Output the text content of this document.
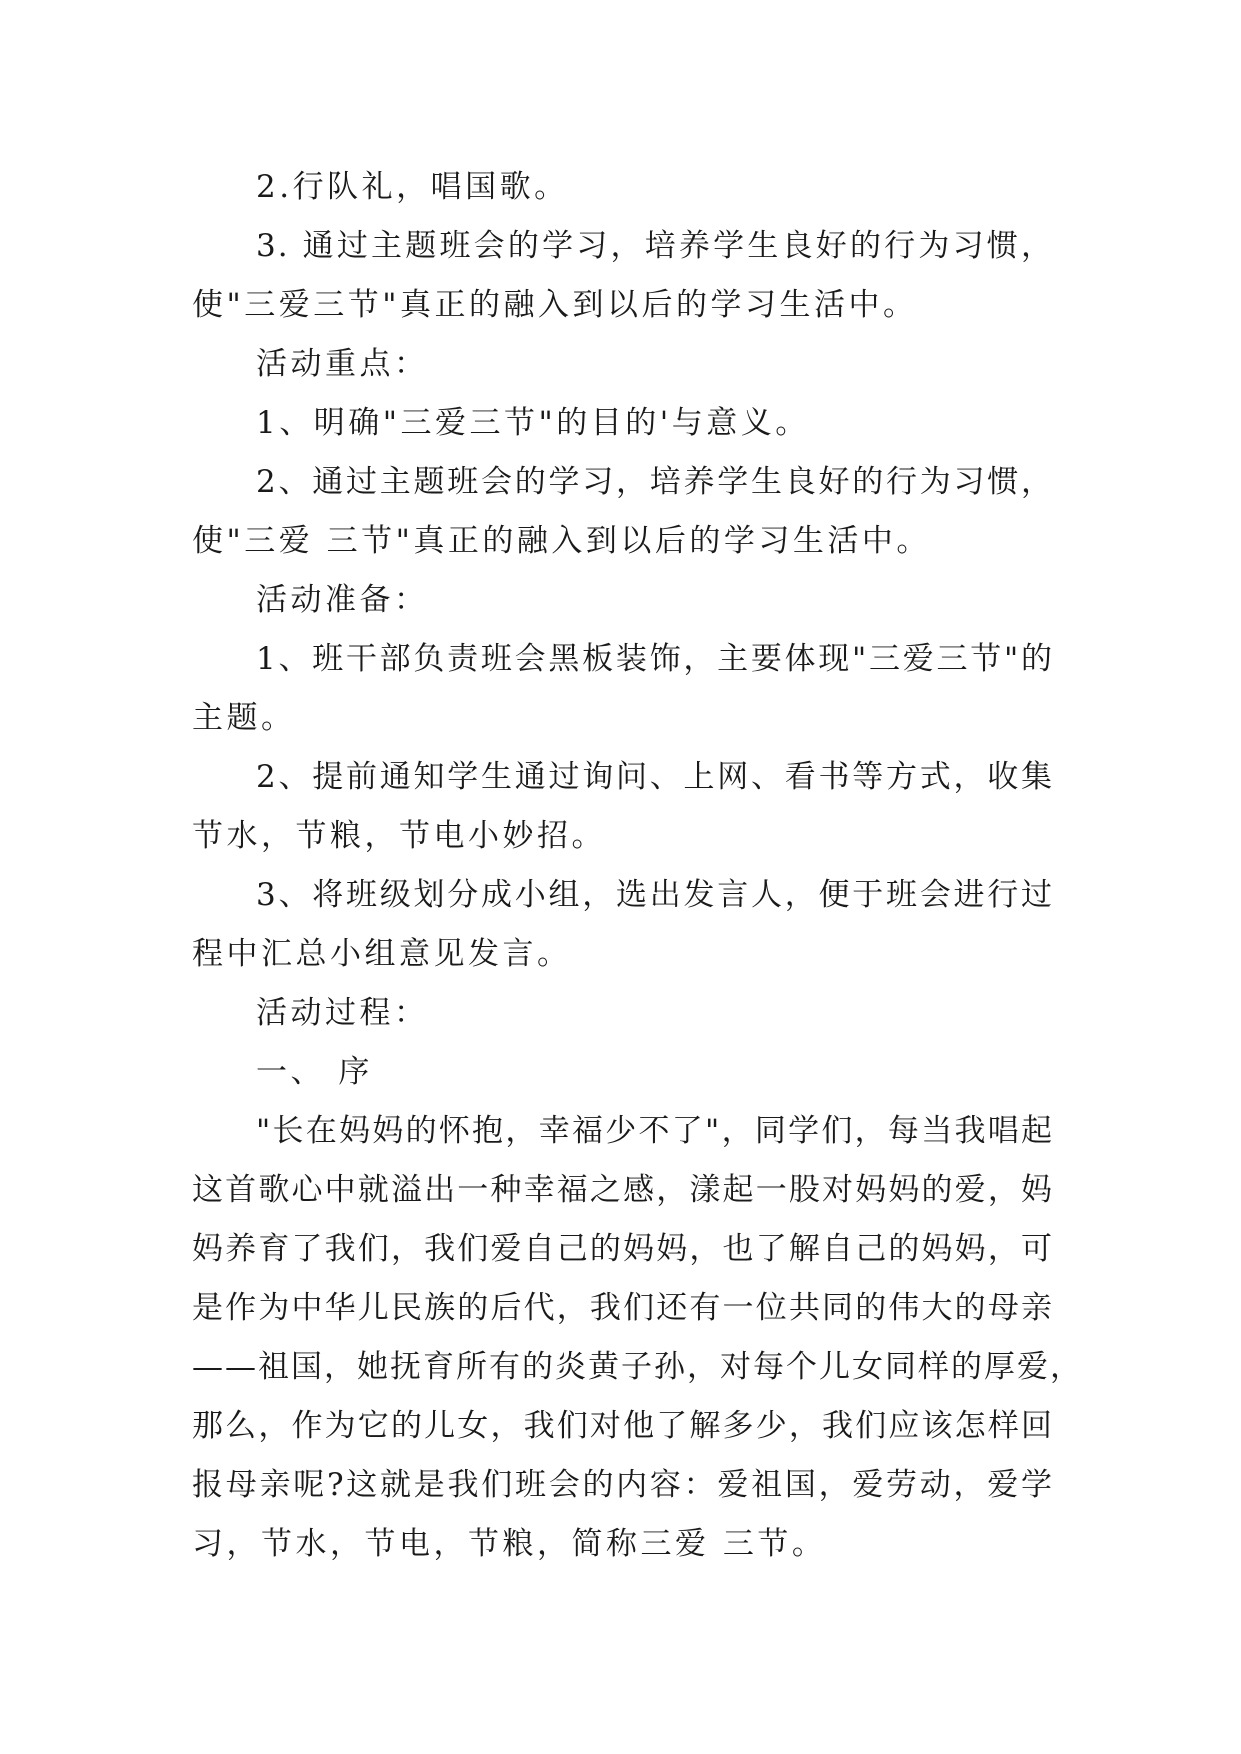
2.行队礼，唱国歌。
3. 通过主题班会的学习，培养学生良好的行为习惯，
使"三爱三节"真正的融入到以后的学习生活中。
活动重点：
1、明确"三爱三节"的目的'与意义。
2、通过主题班会的学习，培养学生良好的行为习惯，
使"三爱 三节"真正的融入到以后的学习生活中。
活动准备：
1、班干部负责班会黑板装饰，主要体现"三爱三节"的
主题。
2、提前通知学生通过询问、上网、看书等方式，收集
节水，节粮，节电小妙招。
3、将班级划分成小组，选出发言人，便于班会进行过
程中汇总小组意见发言。
活动过程：
一、 序
"长在妈妈的怀抱，幸福少不了"，同学们，每当我唱起
这首歌心中就溢出一种幸福之感，漾起一股对妈妈的爱，妈
妈养育了我们，我们爱自己的妈妈，也了解自己的妈妈，可
是作为中华儿民族的后代，我们还有一位共同的伟大的母亲
——祖国，她抚育所有的炎黄子孙，对每个儿女同样的厚爱，
那么，作为它的儿女，我们对他了解多少，我们应该怎样回
报母亲呢?这就是我们班会的内容：爱祖国，爱劳动，爱学
习，节水，节电，节粮，简称三爱 三节。
